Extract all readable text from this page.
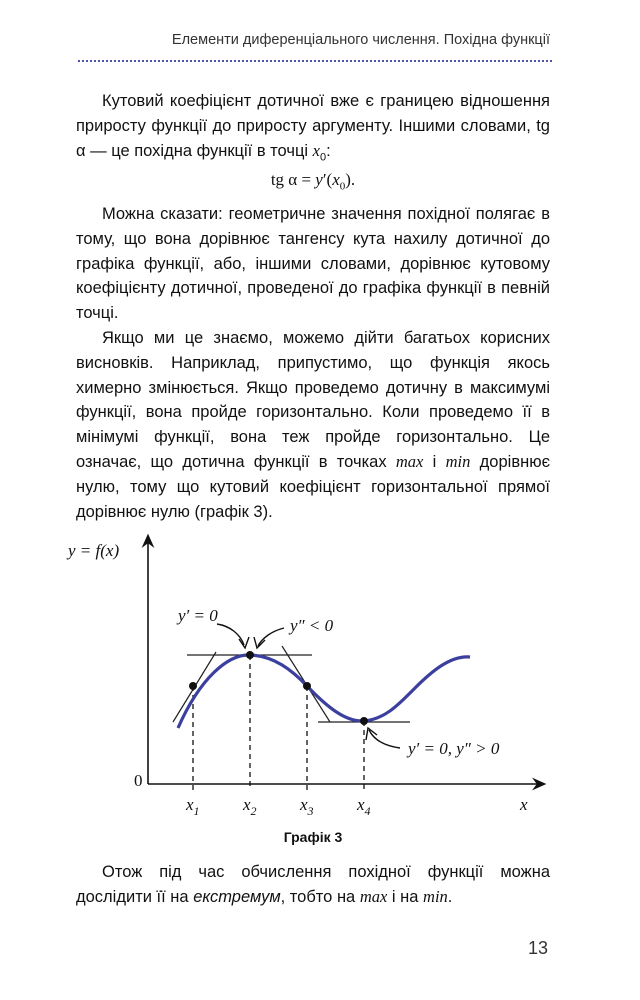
Елементи диференціального числення. Похідна функції

Кутовий коефіцієнт дотичної вже є границею відношення приросту функції до приросту аргументу. Іншими словами, tg α — це похідна функції в точці $x_0$:

tg $\alpha = y'(x_0)$.

Можна сказати: геометричне значення похідної полягає в тому, що вона дорівнює тангенсу кута нахилу дотичної до графіка функції, або, іншими словами, дорівнює кутовому коефіцієнту дотичної, проведеної до графіка функції в певній точці.

Якщо ми це знаємо, можемо дійти багатьох корисних висновків. Наприклад, припустимо, що функція якось химерно змінюється. Якщо проведемо дотичну в максимумі функції, вона пройде горизонтально. Коли проведемо її в мінімумі функції, вона теж пройде горизонтально. Це означає, що дотична функції в точках max і min дорівнює нулю, тому що кутовий коефіцієнт горизонтальної прямої дорівнює нулю (графік 3).

y = f(x)
0
x
y′ = 0
y″ < 0
y′ = 0, y″ > 0
$x_1$	$x_2$	$x_3$	$x_4$
Графік 3

Отож під час обчислення похідної функції можна дослідити її на екстремум, тобто на max і на min.

13
